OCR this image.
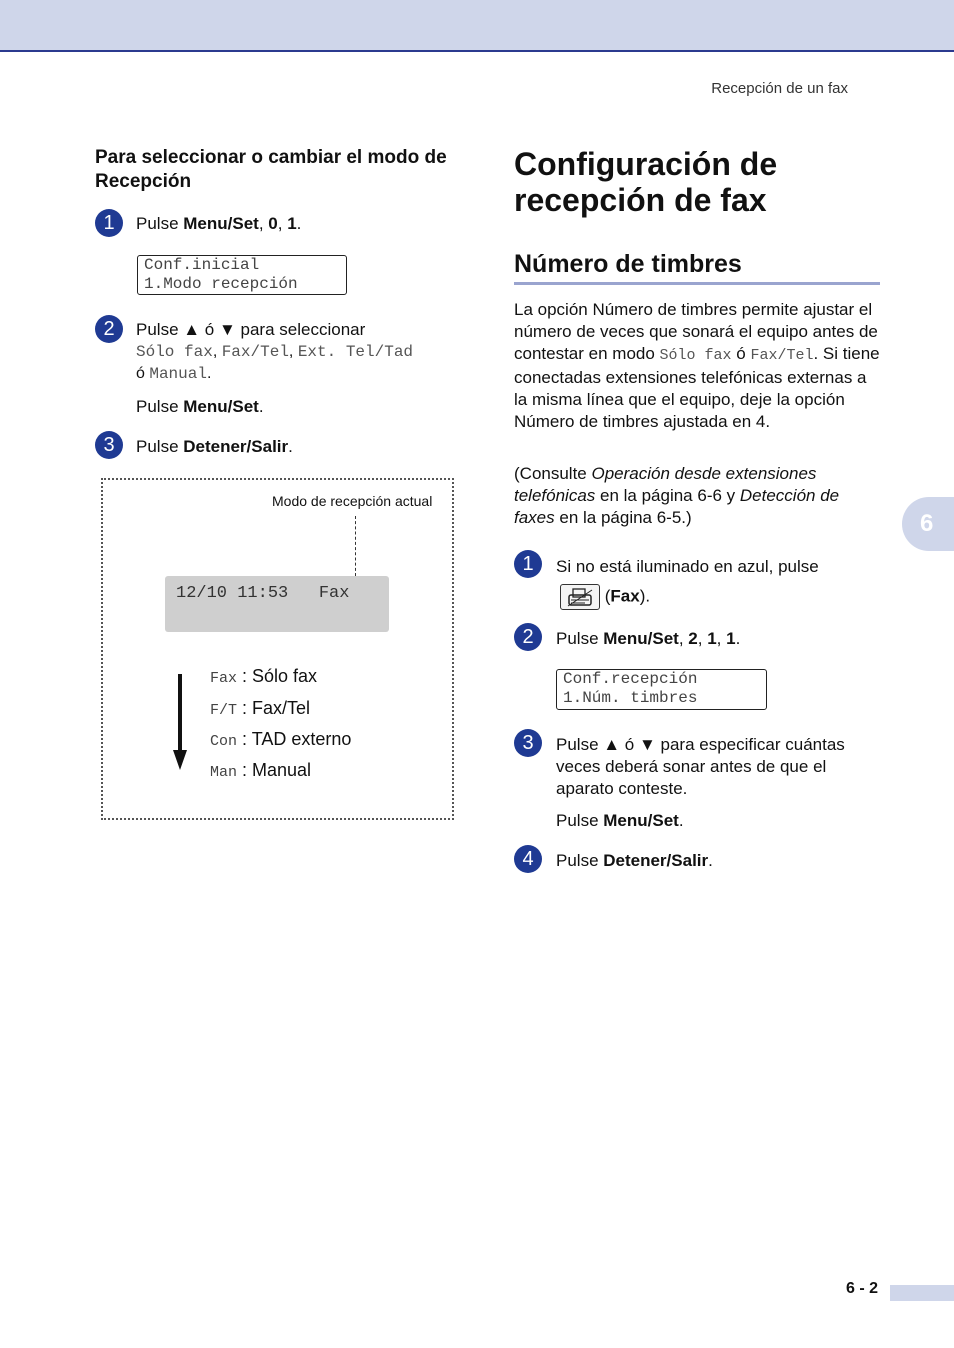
Recepción de un fax
Para seleccionar o cambiar el modo de Recepción
1	Pulse Menu/Set, 0, 1.
Conf.inicial
1.Modo recepción
2	Pulse ▲ ó ▼ para seleccionar
Sólo fax, Fax/Tel, Ext. Tel/Tad
ó Manual.
Pulse Menu/Set.
3	Pulse Detener/Salir.
Modo de recepción actual
12/10 11:53   Fax
Fax : Sólo fax
F/T : Fax/Tel
Con : TAD externo
Man : Manual
Configuración de
recepción de fax
Número de timbres
La opción Número de timbres permite ajustar el número de veces que sonará el equipo antes de contestar en modo Sólo fax ó Fax/Tel. Si tiene conectadas extensiones telefónicas externas a la misma línea que el equipo, deje la opción Número de timbres ajustada en 4.
(Consulte Operación desde extensiones telefónicas en la página 6-6 y Detección de faxes en la página 6-5.)
1	Si no está iluminado en azul, pulse
(Fax).
2	Pulse Menu/Set, 2, 1, 1.
Conf.recepción
1.Núm. timbres
3	Pulse ▲ ó ▼ para especificar cuántas veces deberá sonar antes de que el aparato conteste.
Pulse Menu/Set.
4	Pulse Detener/Salir.
6
6 - 2
